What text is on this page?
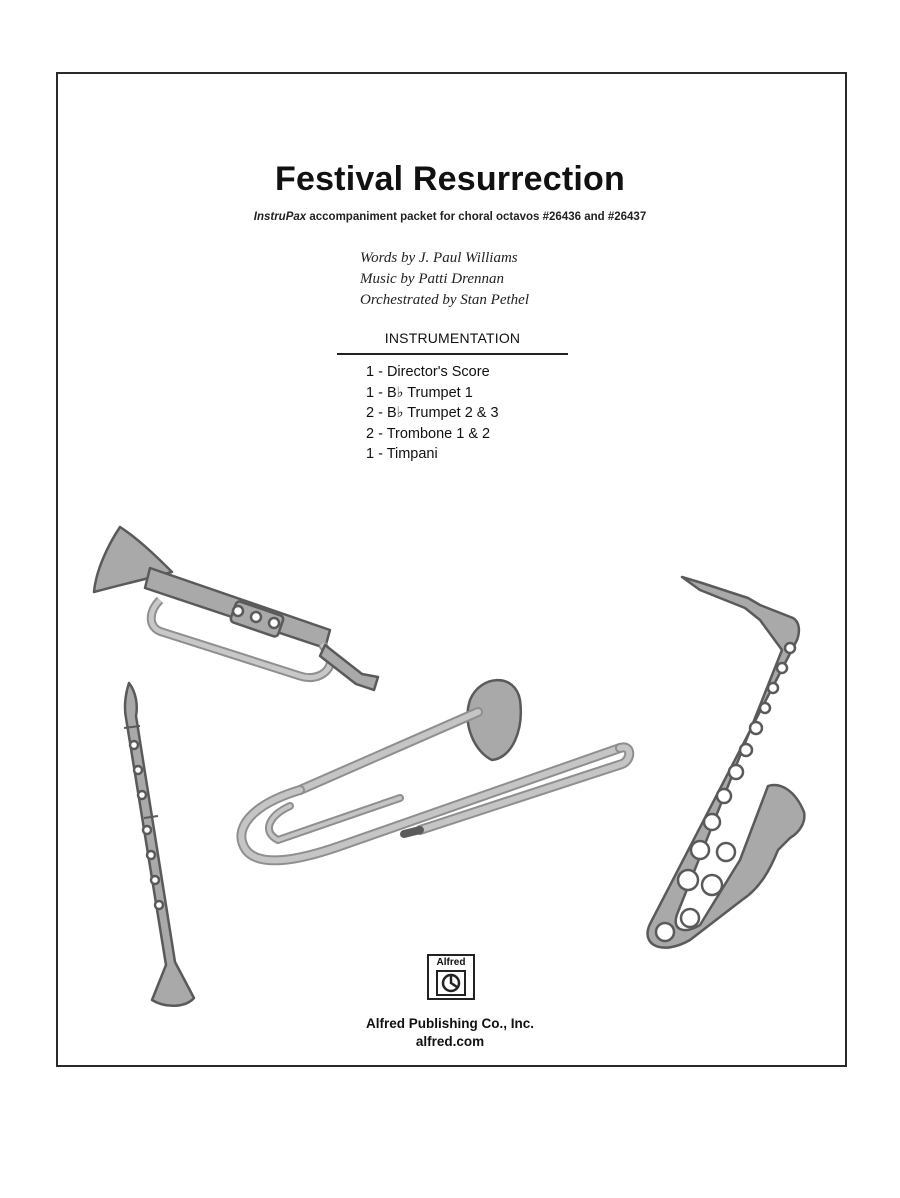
Festival Resurrection
InstruPax accompaniment packet for choral octavos #26436 and #26437
Words by J. Paul Williams
Music by Patti Drennan
Orchestrated by Stan Pethel
INSTRUMENTATION
1 - Director's Score
1 - B♭ Trumpet 1
2 - B♭ Trumpet 2 & 3
2 - Trombone 1 & 2
1 - Timpani
Alfred
Alfred Publishing Co., Inc.
alfred.com
